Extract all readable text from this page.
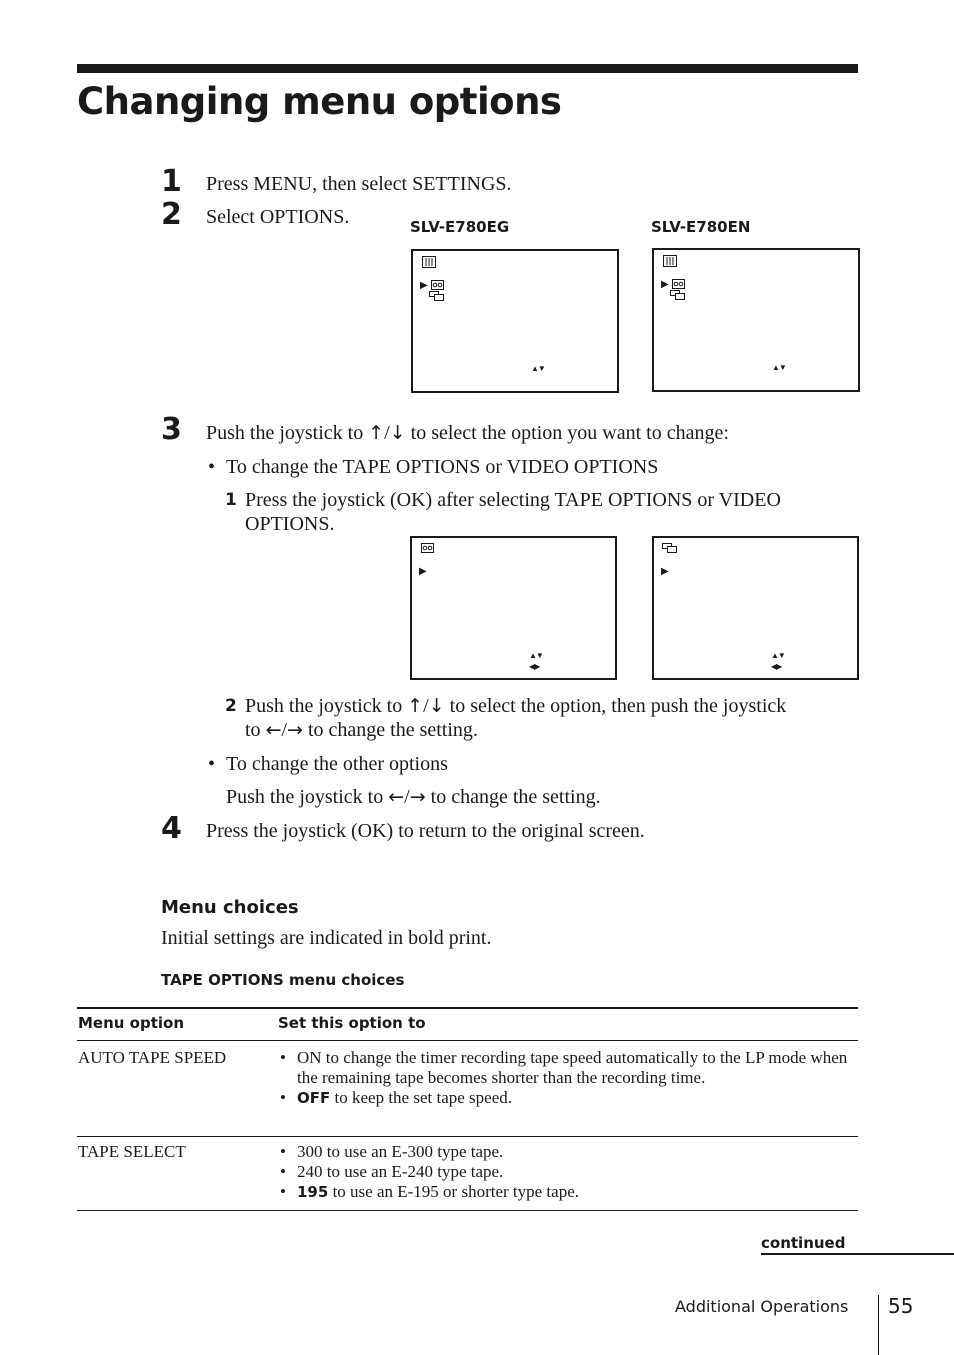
Changing menu options
1 Press MENU, then select SETTINGS.
2 Select OPTIONS.	SLV-E780EG	SLV-E780EN
▶
▲▼
▶
▲▼
3 Push the joystick to ↑/↓ to select the option you want to change:
• To change the TAPE OPTIONS or VIDEO OPTIONS
1 Press the joystick (OK) after selecting TAPE OPTIONS or VIDEO
OPTIONS.
▶
▲▼
◀▶
▶
▲▼
◀▶
2 Push the joystick to ↑/↓ to select the option, then push the joystick
to ←/→ to change the setting.
• To change the other options
Push the joystick to ←/→ to change the setting.
4 Press the joystick (OK) to return to the original screen.
Menu choices
Initial settings are indicated in bold print.
TAPE OPTIONS menu choices
Menu option	Set this option to
AUTO TAPE SPEED	• ON to change the timer recording tape speed automatically to the LP mode when the remaining tape becomes shorter than the recording time.
• OFF to keep the set tape speed.
TAPE SELECT	• 300 to use an E-300 type tape.
• 240 to use an E-240 type tape.
• 195 to use an E-195 or shorter type tape.
continued
Additional Operations 55
